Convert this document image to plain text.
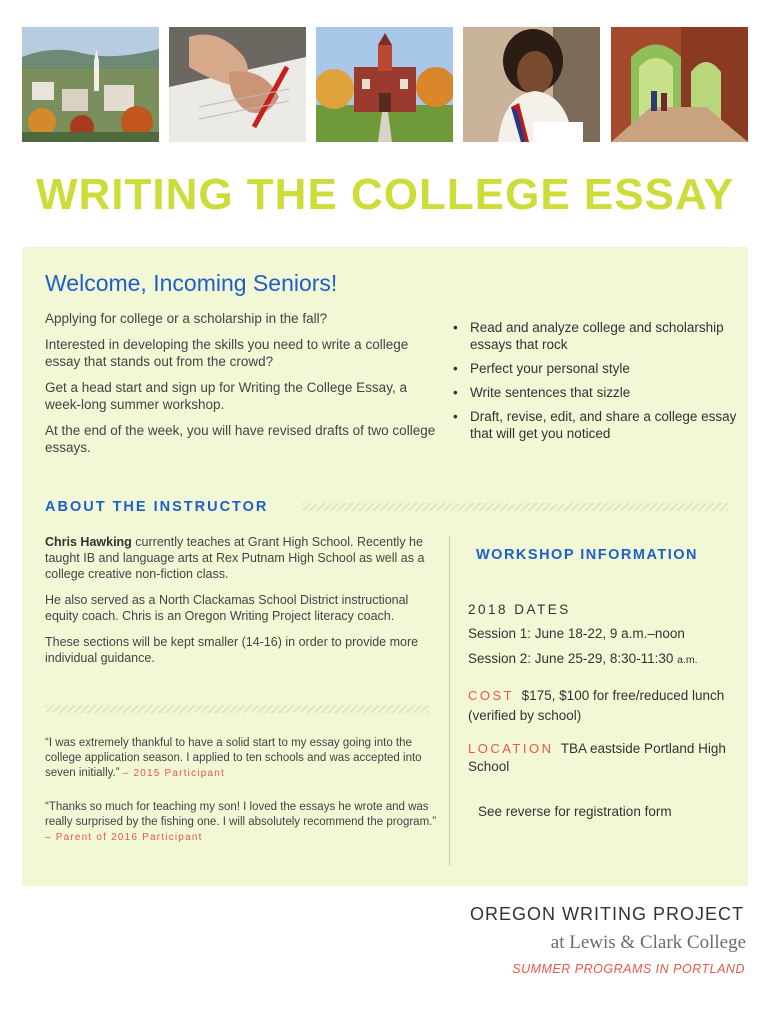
WRITING THE COLLEGE ESSAY
Welcome, Incoming Seniors!

Applying for college or a scholarship in the fall?

Interested in developing the skills you need to write a college essay that stands out from the crowd?

Get a head start and sign up for Writing the College Essay, a week-long summer workshop.

At the end of the week, you will have revised drafts of two college essays.

• Read and analyze college and scholarship essays that rock
• Perfect your personal style
• Write sentences that sizzle
• Draft, revise, edit, and share a college essay that will get you noticed
ABOUT THE INSTRUCTOR

Chris Hawking currently teaches at Grant High School. Recently he taught IB and language arts at Rex Putnam High School as well as a college creative non-fiction class.

He also served as a North Clackamas School District instructional equity coach. Chris is an Oregon Writing Project literacy coach.

These sections will be kept smaller (14-16) in order to provide more individual guidance.

“I was extremely thankful to have a solid start to my essay going into the college application season. I applied to ten schools and was accepted into seven initially.” – 2015 Participant

“Thanks so much for teaching my son! I loved the essays he wrote and was really surprised by the fishing one. I will absolutely recommend the program.” – Parent of 2016 Participant

WORKSHOP INFORMATION
2018 DATES
Session 1: June 18-22, 9 a.m.–noon
Session 2: June 25-29, 8:30-11:30 a.m.
COST $175, $100 for free/reduced lunch (verified by school)
LOCATION TBA eastside Portland High School
See reverse for registration form
OREGON WRITING PROJECT
at Lewis & Clark College
SUMMER PROGRAMS IN PORTLAND
